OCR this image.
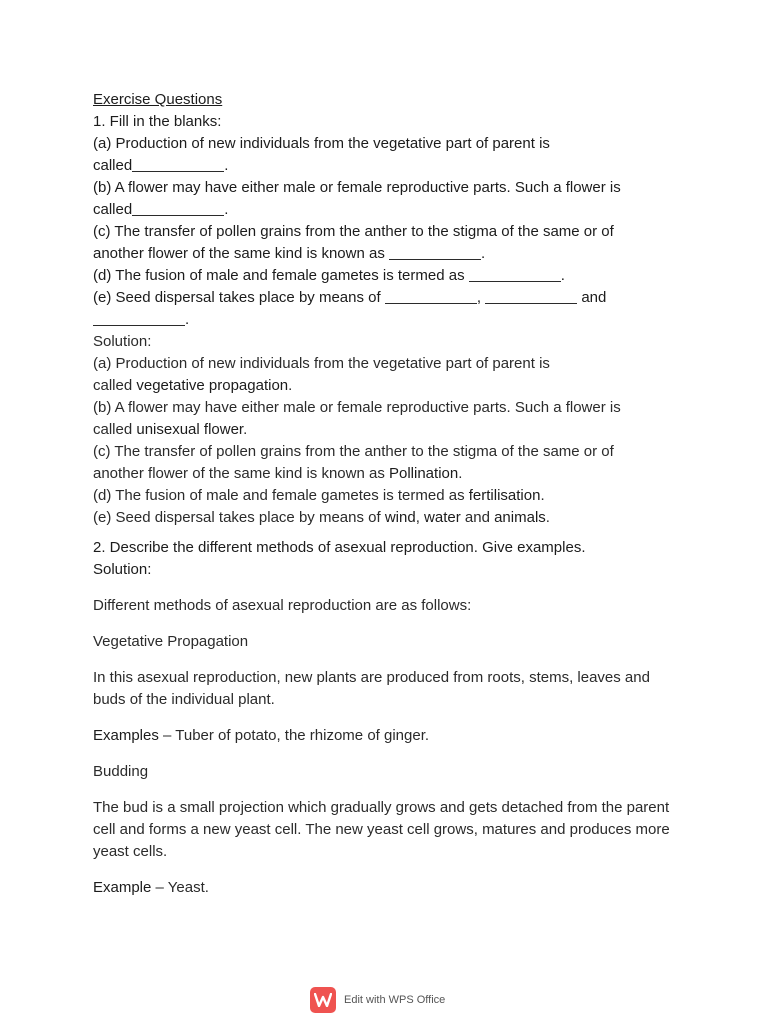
Exercise Questions
1. Fill in the blanks:
(a) Production of new individuals from the vegetative part of parent is
called	.
(b) A flower may have either male or female reproductive parts. Such a flower is
called	.
(c) The transfer of pollen grains from the anther to the stigma of the same or of
another flower of the same kind is known as	.
(d) The fusion of male and female gametes is termed as	.
(e) Seed dispersal takes place by means of	,	and
.
Solution:
(a) Production of new individuals from the vegetative part of parent is
called vegetative propagation.
(b) A flower may have either male or female reproductive parts. Such a flower is
called unisexual flower.
(c) The transfer of pollen grains from the anther to the stigma of the same or of
another flower of the same kind is known as Pollination.
(d) The fusion of male and female gametes is termed as fertilisation.
(e) Seed dispersal takes place by means of wind, water and animals.
2. Describe the different methods of asexual reproduction. Give examples.
Solution:

Different methods of asexual reproduction are as follows:

Vegetative Propagation

In this asexual reproduction, new plants are produced from roots, stems, leaves and buds of the individual plant.

Examples – Tuber of potato, the rhizome of ginger.

Budding

The bud is a small projection which gradually grows and gets detached from the parent cell and forms a new yeast cell. The new yeast cell grows, matures and produces more yeast cells.

Example – Yeast.

Edit with WPS Office
